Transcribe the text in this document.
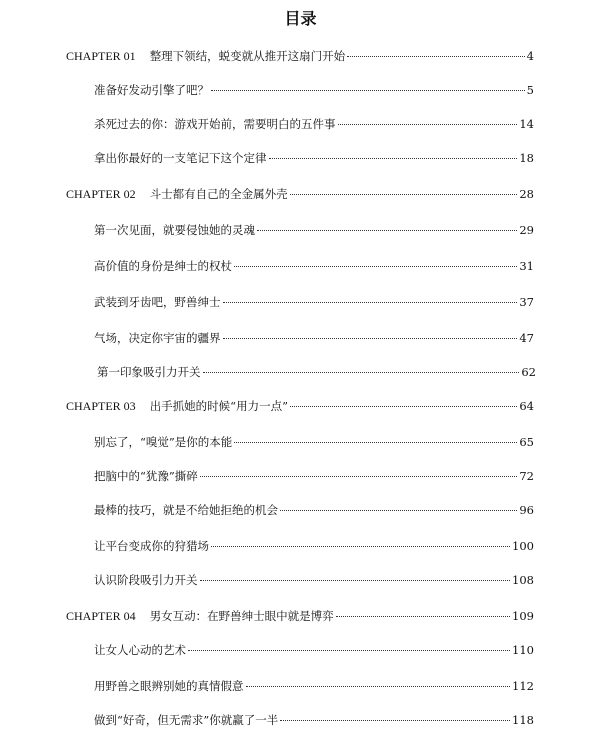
目录
CHAPTER 01 整理下领结，蜕变就从推开这扇门开始	4
准备好发动引擎了吧？	5
杀死过去的你：游戏开始前，需要明白的五件事	14
拿出你最好的一支笔记下这个定律	18
CHAPTER 02 斗士都有自己的全金属外壳	28
第一次见面，就要侵蚀她的灵魂	29
高价值的身份是绅士的权杖	31
武装到牙齿吧，野兽绅士	37
气场，决定你宇宙的疆界	47
第一印象吸引力开关	62
CHAPTER 03 出手抓她的时候“用力一点”	64
别忘了，“嗅觉”是你的本能	65
把脑中的“犹豫”撕碎	72
最棒的技巧，就是不给她拒绝的机会	96
让平台变成你的狩猎场	100
认识阶段吸引力开关	108
CHAPTER 04 男女互动：在野兽绅士眼中就是博弈	109
让女人心动的艺术	110
用野兽之眼辨别她的真情假意	112
做到“好奇，但无需求”你就赢了一半	118
